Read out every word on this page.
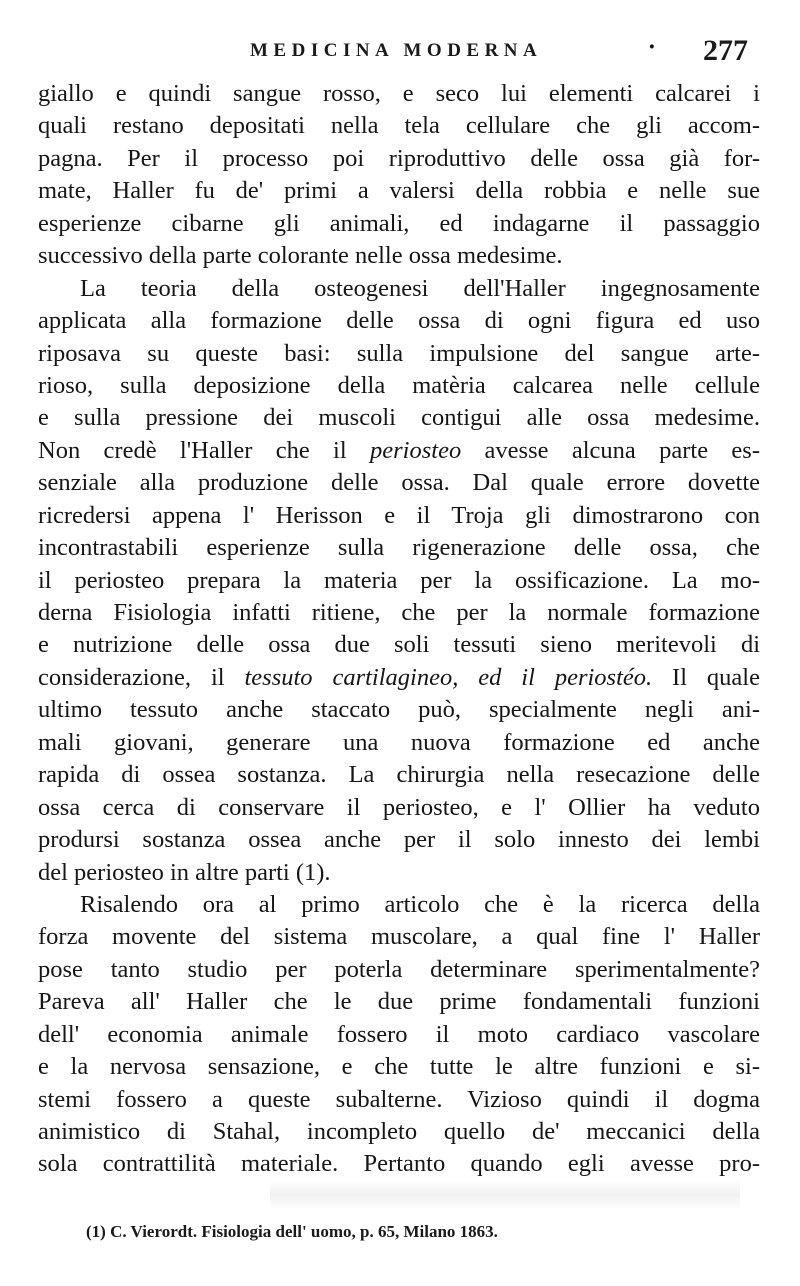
MEDICINA MODERNA	· 277
giallo e quindi sangue rosso, e seco lui elementi calcarei i
quali restano depositati nella tela cellulare che gli accom-
pagna. Per il processo poi riproduttivo delle ossa già for-
mate, Haller fu de' primi a valersi della robbia e nelle sue
esperienze cibarne gli animali, ed indagarne il passaggio
successivo della parte colorante nelle ossa medesime.
La teoria della osteogenesi dell'Haller ingegnosamente
applicata alla formazione delle ossa di ogni figura ed uso
riposava su queste basi: sulla impulsione del sangue arte-
rioso, sulla deposizione della matèria calcarea nelle cellule
e sulla pressione dei muscoli contigui alle ossa medesime.
Non credè l'Haller che il periosteo avesse alcuna parte es-
senziale alla produzione delle ossa. Dal quale errore dovette
ricredersi appena l' Herisson e il Troja gli dimostrarono con
incontrastabili esperienze sulla rigenerazione delle ossa, che
il periosteo prepara la materia per la ossificazione. La mo-
derna Fisiologia infatti ritiene, che per la normale formazione
e nutrizione delle ossa due soli tessuti sieno meritevoli di
considerazione, il tessuto cartilagineo, ed il periostéo. Il quale
ultimo tessuto anche staccato può, specialmente negli ani-
mali giovani, generare una nuova formazione ed anche
rapida di ossea sostanza. La chirurgia nella resecazione delle
ossa cerca di conservare il periosteo, e l' Ollier ha veduto
prodursi sostanza ossea anche per il solo innesto dei lembi
del periosteo in altre parti (1).
Risalendo ora al primo articolo che è la ricerca della
forza movente del sistema muscolare, a qual fine l' Haller
pose tanto studio per poterla determinare sperimentalmente?
Pareva all' Haller che le due prime fondamentali funzioni
dell' economia animale fossero il moto cardiaco vascolare
e la nervosa sensazione, e che tutte le altre funzioni e si-
stemi fossero a queste subalterne. Vizioso quindi il dogma
animistico di Stahal, incompleto quello de' meccanici della
sola contrattilità materiale. Pertanto quando egli avesse pro-
(1) C. Vierordt. Fisiologia dell' uomo, p. 65, Milano 1863.
